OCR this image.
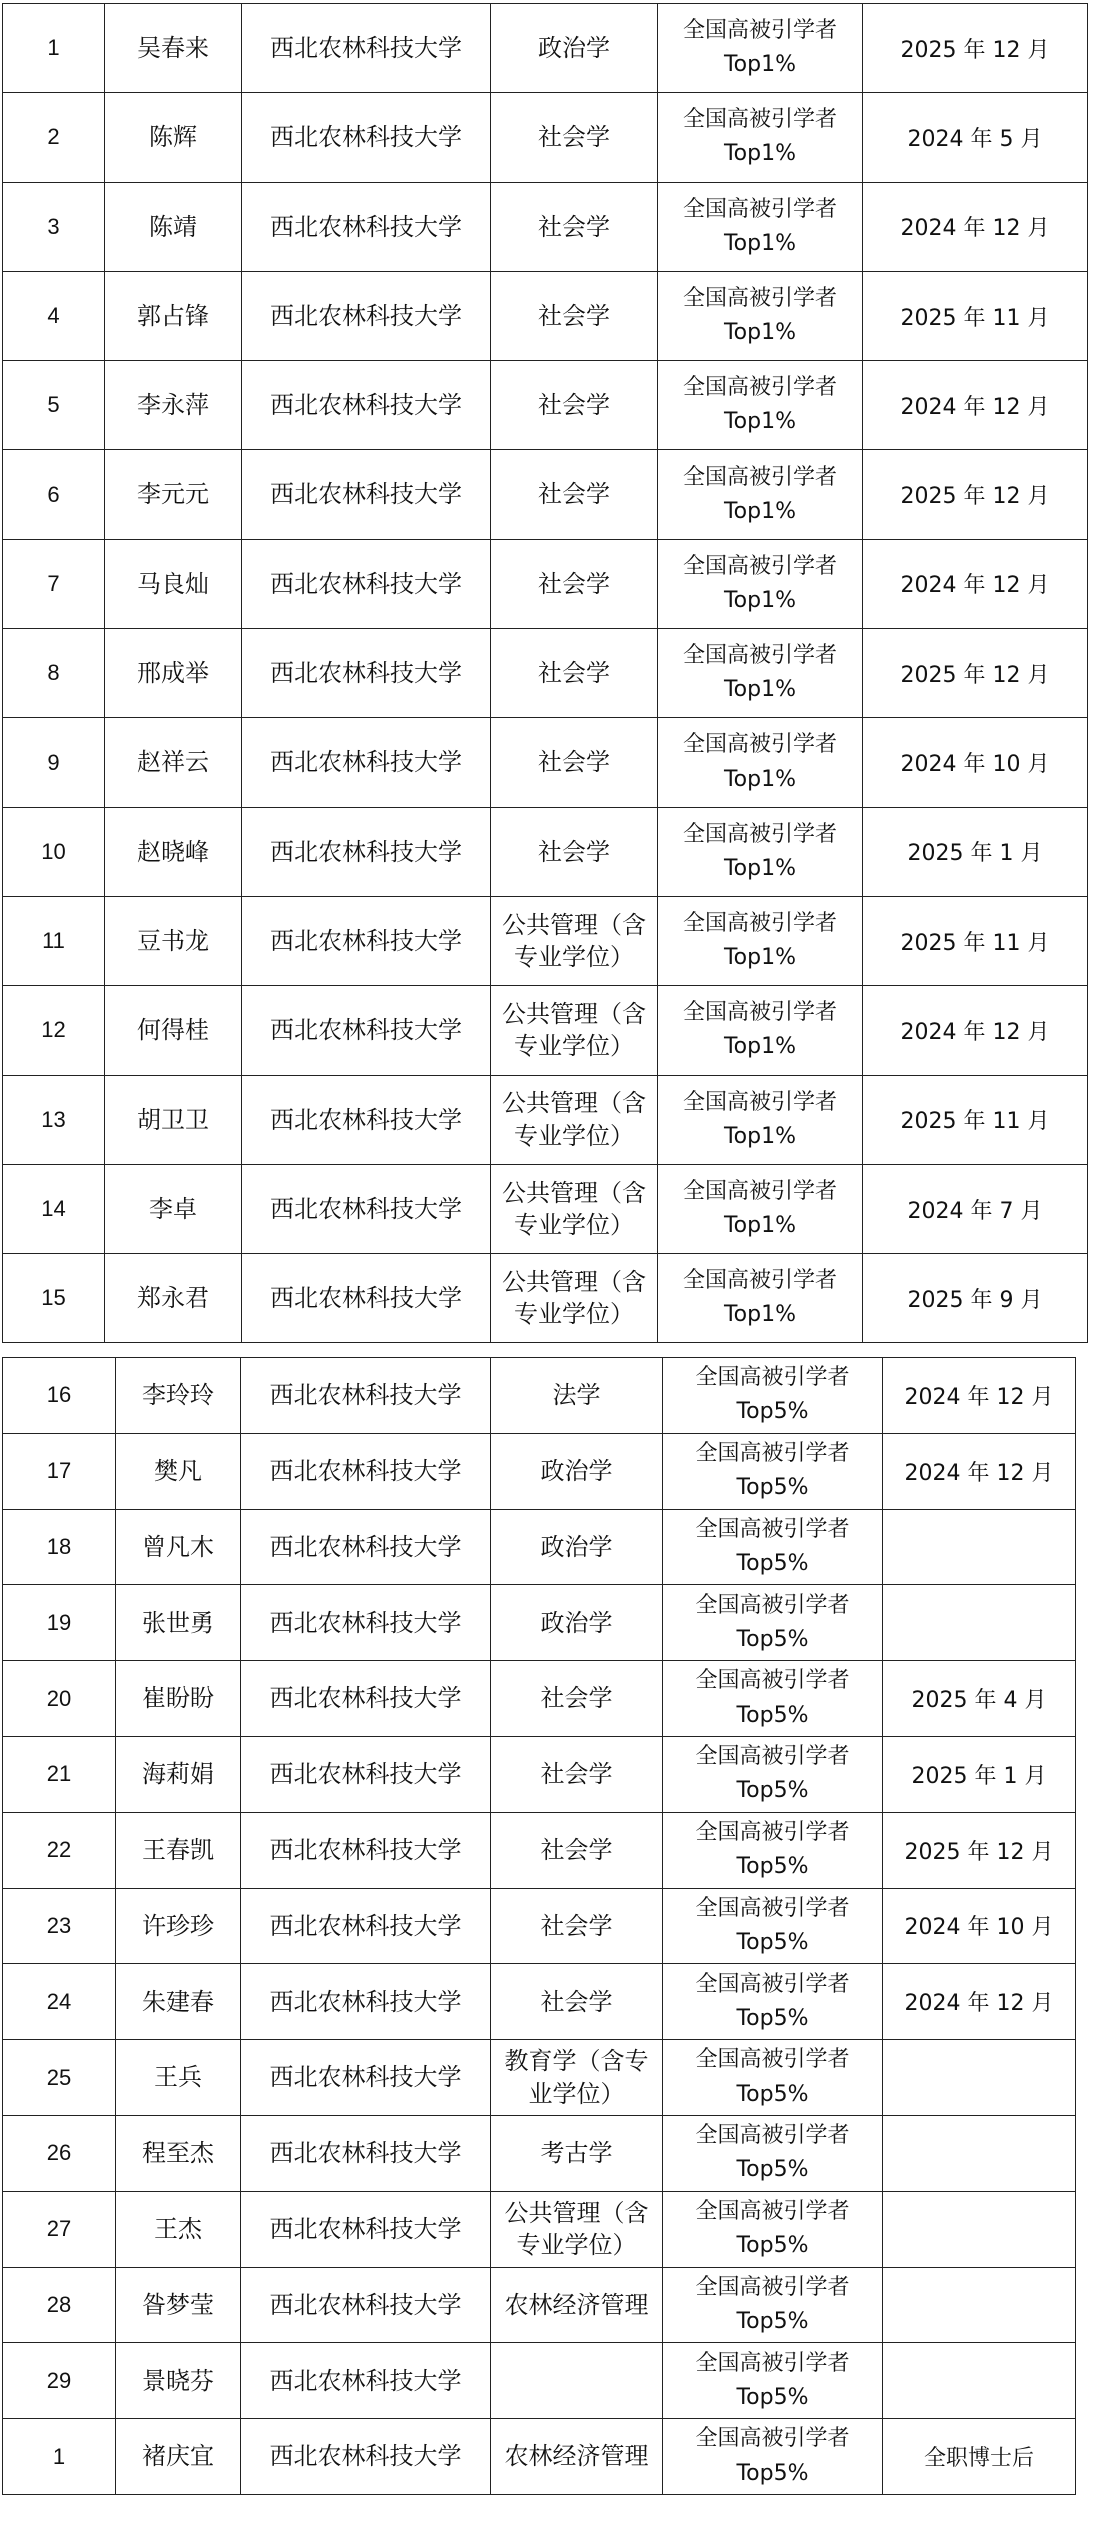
1	吴春来	西北农林科技大学	政治学	全国高被引学者
Top1%	2025 年 12 月
2	陈辉	西北农林科技大学	社会学	全国高被引学者
Top1%	2024 年 5 月
3	陈靖	西北农林科技大学	社会学	全国高被引学者
Top1%	2024 年 12 月
4	郭占锋	西北农林科技大学	社会学	全国高被引学者
Top1%	2025 年 11 月
5	李永萍	西北农林科技大学	社会学	全国高被引学者
Top1%	2024 年 12 月
6	李元元	西北农林科技大学	社会学	全国高被引学者
Top1%	2025 年 12 月
7	马良灿	西北农林科技大学	社会学	全国高被引学者
Top1%	2024 年 12 月
8	邢成举	西北农林科技大学	社会学	全国高被引学者
Top1%	2025 年 12 月
9	赵祥云	西北农林科技大学	社会学	全国高被引学者
Top1%	2024 年 10 月
10	赵晓峰	西北农林科技大学	社会学	全国高被引学者
Top1%	2025 年 1 月
11	豆书龙	西北农林科技大学	公共管理（含
专业学位）	全国高被引学者
Top1%	2025 年 11 月
12	何得桂	西北农林科技大学	公共管理（含
专业学位）	全国高被引学者
Top1%	2024 年 12 月
13	胡卫卫	西北农林科技大学	公共管理（含
专业学位）	全国高被引学者
Top1%	2025 年 11 月
14	李卓	西北农林科技大学	公共管理（含
专业学位）	全国高被引学者
Top1%	2024 年 7 月
15	郑永君	西北农林科技大学	公共管理（含
专业学位）	全国高被引学者
Top1%	2025 年 9 月
16	李玲玲	西北农林科技大学	法学	全国高被引学者
Top5%	2024 年 12 月
17	樊凡	西北农林科技大学	政治学	全国高被引学者
Top5%	2024 年 12 月
18	曾凡木	西北农林科技大学	政治学	全国高被引学者
Top5%	
19	张世勇	西北农林科技大学	政治学	全国高被引学者
Top5%	
20	崔盼盼	西北农林科技大学	社会学	全国高被引学者
Top5%	2025 年 4 月
21	海莉娟	西北农林科技大学	社会学	全国高被引学者
Top5%	2025 年 1 月
22	王春凯	西北农林科技大学	社会学	全国高被引学者
Top5%	2025 年 12 月
23	许珍珍	西北农林科技大学	社会学	全国高被引学者
Top5%	2024 年 10 月
24	朱建春	西北农林科技大学	社会学	全国高被引学者
Top5%	2024 年 12 月
25	王兵	西北农林科技大学	教育学（含专
业学位）	全国高被引学者
Top5%	
26	程至杰	西北农林科技大学	考古学	全国高被引学者
Top5%	
27	王杰	西北农林科技大学	公共管理（含
专业学位）	全国高被引学者
Top5%	
28	昝梦莹	西北农林科技大学	农林经济管理	全国高被引学者
Top5%	
29	景晓芬	西北农林科技大学		全国高被引学者
Top5%	
1	褚庆宜	西北农林科技大学	农林经济管理	全国高被引学者
Top5%	全职博士后
